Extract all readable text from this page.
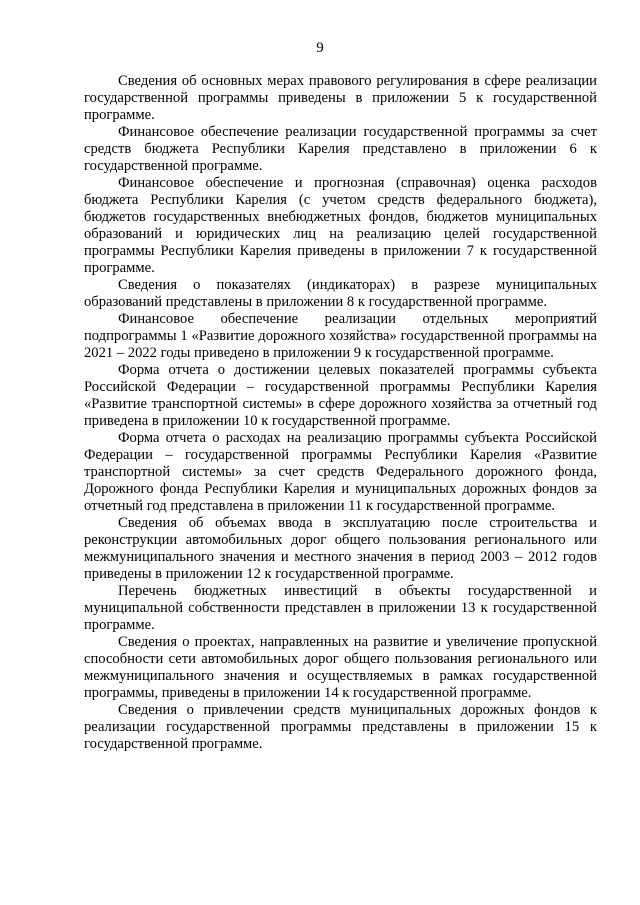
9

Сведения об основных мерах правового регулирования в сфере реализации государственной программы приведены в приложении 5 к государственной программе.

Финансовое обеспечение реализации государственной программы за счет средств бюджета Республики Карелия представлено в приложении 6 к государственной программе.

Финансовое обеспечение и прогнозная (справочная) оценка расходов бюджета Республики Карелия (с учетом средств федерального бюджета), бюджетов государственных внебюджетных фондов, бюджетов муниципальных образований и юридических лиц на реализацию целей государственной программы Республики Карелия приведены в приложении 7 к государственной программе.

Сведения о показателях (индикаторах) в разрезе муниципальных образований представлены в приложении 8 к государственной программе.

Финансовое обеспечение реализации отдельных мероприятий подпрограммы 1 «Развитие дорожного хозяйства» государственной программы на 2021 – 2022 годы приведено в приложении 9 к государственной программе.

Форма отчета о достижении целевых показателей программы субъекта Российской Федерации – государственной программы Республики Карелия «Развитие транспортной системы» в сфере дорожного хозяйства за отчетный год приведена в приложении 10 к государственной программе.

Форма отчета о расходах на реализацию программы субъекта Российской Федерации – государственной программы Республики Карелия «Развитие транспортной системы» за счет средств Федерального дорожного фонда, Дорожного фонда Республики Карелия и муниципальных дорожных фондов за отчетный год представлена в приложении 11 к государственной программе.

Сведения об объемах ввода в эксплуатацию после строительства и реконструкции автомобильных дорог общего пользования регионального или межмуниципального значения и местного значения в период 2003 – 2012 годов приведены в приложении 12 к государственной программе.

Перечень бюджетных инвестиций в объекты государственной и муниципальной собственности представлен в приложении 13 к государственной программе.

Сведения о проектах, направленных на развитие и увеличение пропускной способности сети автомобильных дорог общего пользования регионального или межмуниципального значения и осуществляемых в рамках государственной программы, приведены в приложении 14 к государственной программе.

Сведения о привлечении средств муниципальных дорожных фондов к реализации государственной программы представлены в приложении 15 к государственной программе.
